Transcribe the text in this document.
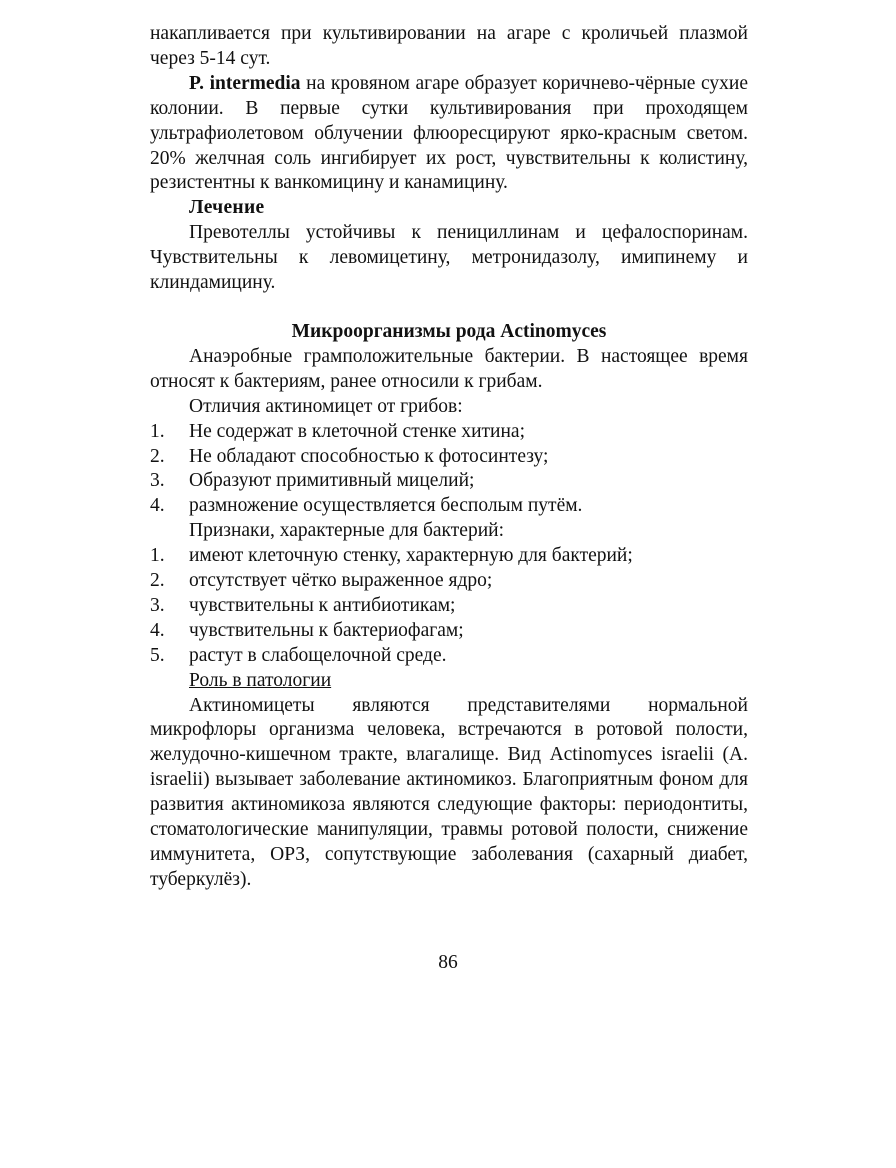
накапливается при культивировании на агаре с кроличьей плазмой через 5-14 сут.

P. intermedia на кровяном агаре образует коричнево-чёрные сухие колонии. В первые сутки культивирования при проходящем ультрафиолетовом облучении флюоресцируют ярко-красным светом. 20% желчная соль ингибирует их рост, чувствительны к колистину, резистентны к ванкомицину и канамицину.

Лечение

Превотеллы устойчивы к пенициллинам и цефалоспоринам. Чувствительны к левомицетину, метронидазолу, имипинему и клиндамицину.

Микроорганизмы рода Actinomyces

Анаэробные грамположительные бактерии. В настоящее время относят к бактериям, ранее относили к грибам.

Отличия актиномицет от грибов:
1.	Не содержат в клеточной стенке хитина;
2.	Не обладают способностью к фотосинтезу;
3.	Образуют примитивный мицелий;
4.	размножение осуществляется бесполым путём.
Признаки, характерные для бактерий:
1.	имеют клеточную стенку, характерную для бактерий;
2.	отсутствует чётко выраженное ядро;
3.	чувствительны к антибиотикам;
4.	чувствительны к бактериофагам;
5.	растут в слабощелочной среде.
Роль в патологии

Актиномицеты являются представителями нормальной микрофлоры организма человека, встречаются в ротовой полости, желудочно-кишечном тракте, влагалище. Вид Actinomyces israelii (A. israelii) вызывает заболевание актиномикоз. Благоприятным фоном для развития актиномикоза являются следующие факторы: периодонтиты, стоматологические манипуляции, травмы ротовой полости, снижение иммунитета, ОРЗ, сопутствующие заболевания (сахарный диабет, туберкулёз).

86
